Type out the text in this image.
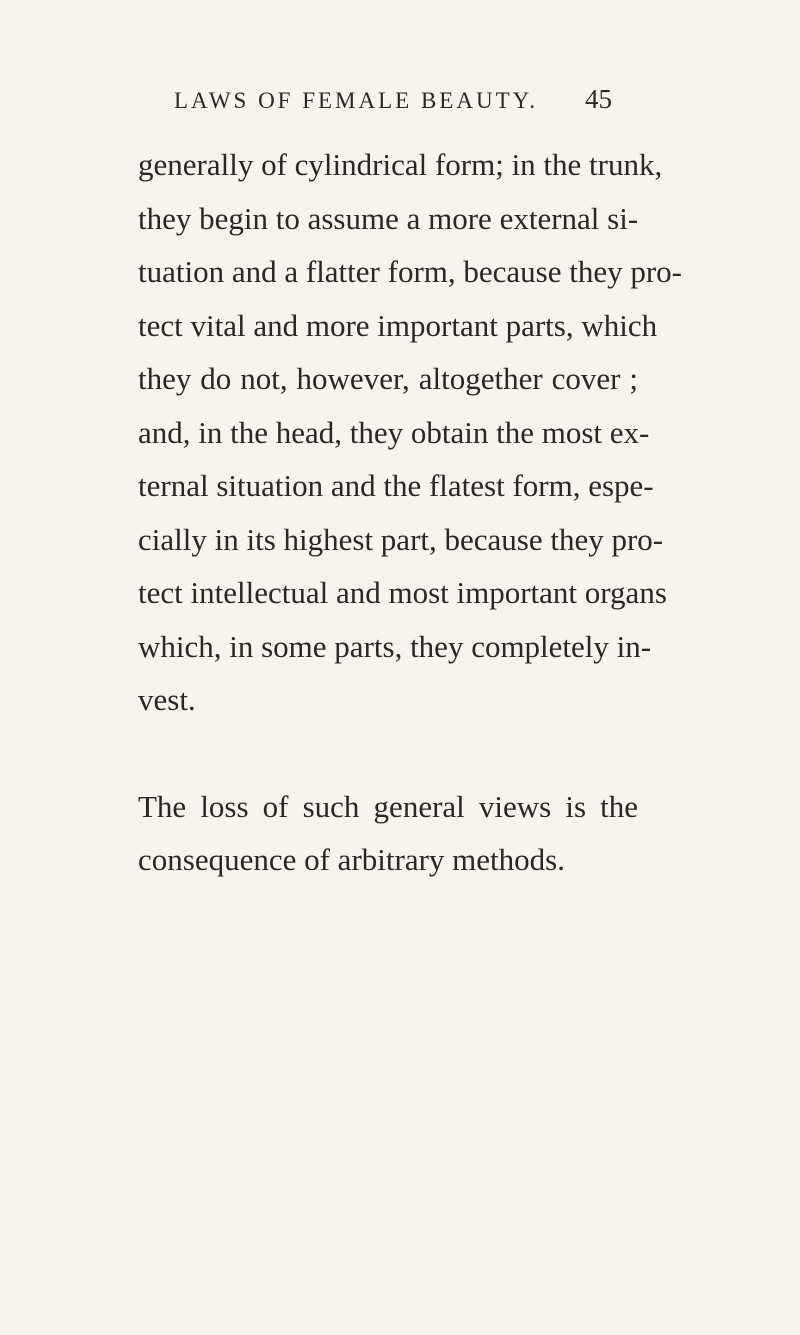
LAWS OF FEMALE BEAUTY.	45
generally of cylindrical form; in the trunk,
they begin to assume a more external si-
tuation and a flatter form, because they pro-
tect vital and more important parts, which
they do not, however, altogether cover ;
and, in the head, they obtain the most ex-
ternal situation and the flatest form, espe-
cially in its highest part, because they pro-
tect intellectual and most important organs
which, in some parts, they completely in-
vest.
The loss of such general views is the
consequence of arbitrary methods.
